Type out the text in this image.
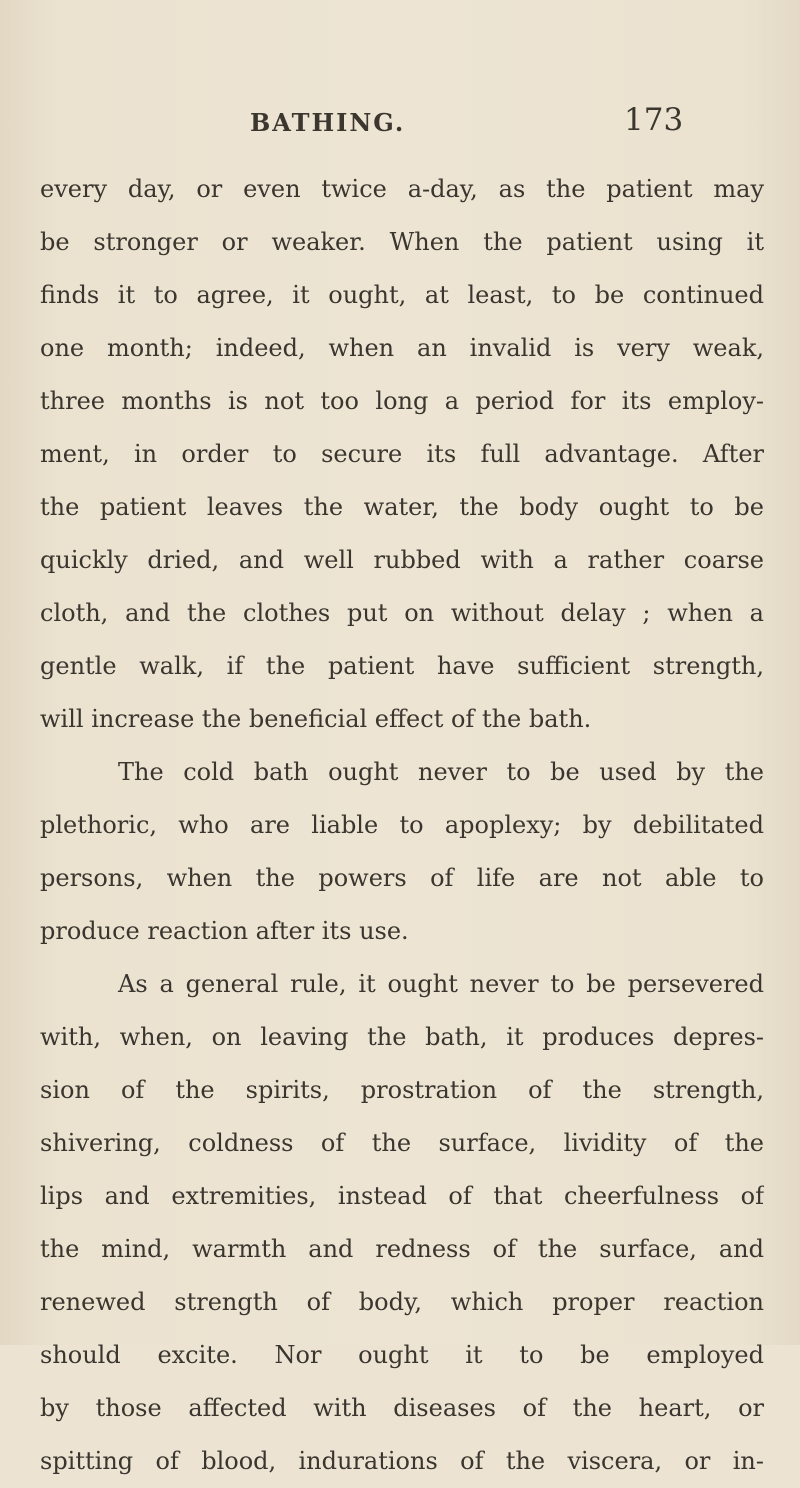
BATHING.	173
every day, or even twice a-day, as the patient may
be stronger or weaker. When the patient using it
finds it to agree, it ought, at least, to be continued
one month; indeed, when an invalid is very weak,
three months is not too long a period for its employ-
ment, in order to secure its full advantage. After
the patient leaves the water, the body ought to be
quickly dried, and well rubbed with a rather coarse
cloth, and the clothes put on without delay ; when a
gentle walk, if the patient have sufficient strength,
will increase the beneficial effect of the bath.
The cold bath ought never to be used by the
plethoric, who are liable to apoplexy; by debilitated
persons, when the powers of life are not able to
produce reaction after its use.
As a general rule, it ought never to be persevered
with, when, on leaving the bath, it produces depres-
sion of the spirits, prostration of the strength,
shivering, coldness of the surface, lividity of the
lips and extremities, instead of that cheerfulness of
the mind, warmth and redness of the surface, and
renewed strength of body, which proper reaction
should excite. Nor ought it to be employed
by those affected with diseases of the heart, or
spitting of blood, indurations of the viscera, or in-
